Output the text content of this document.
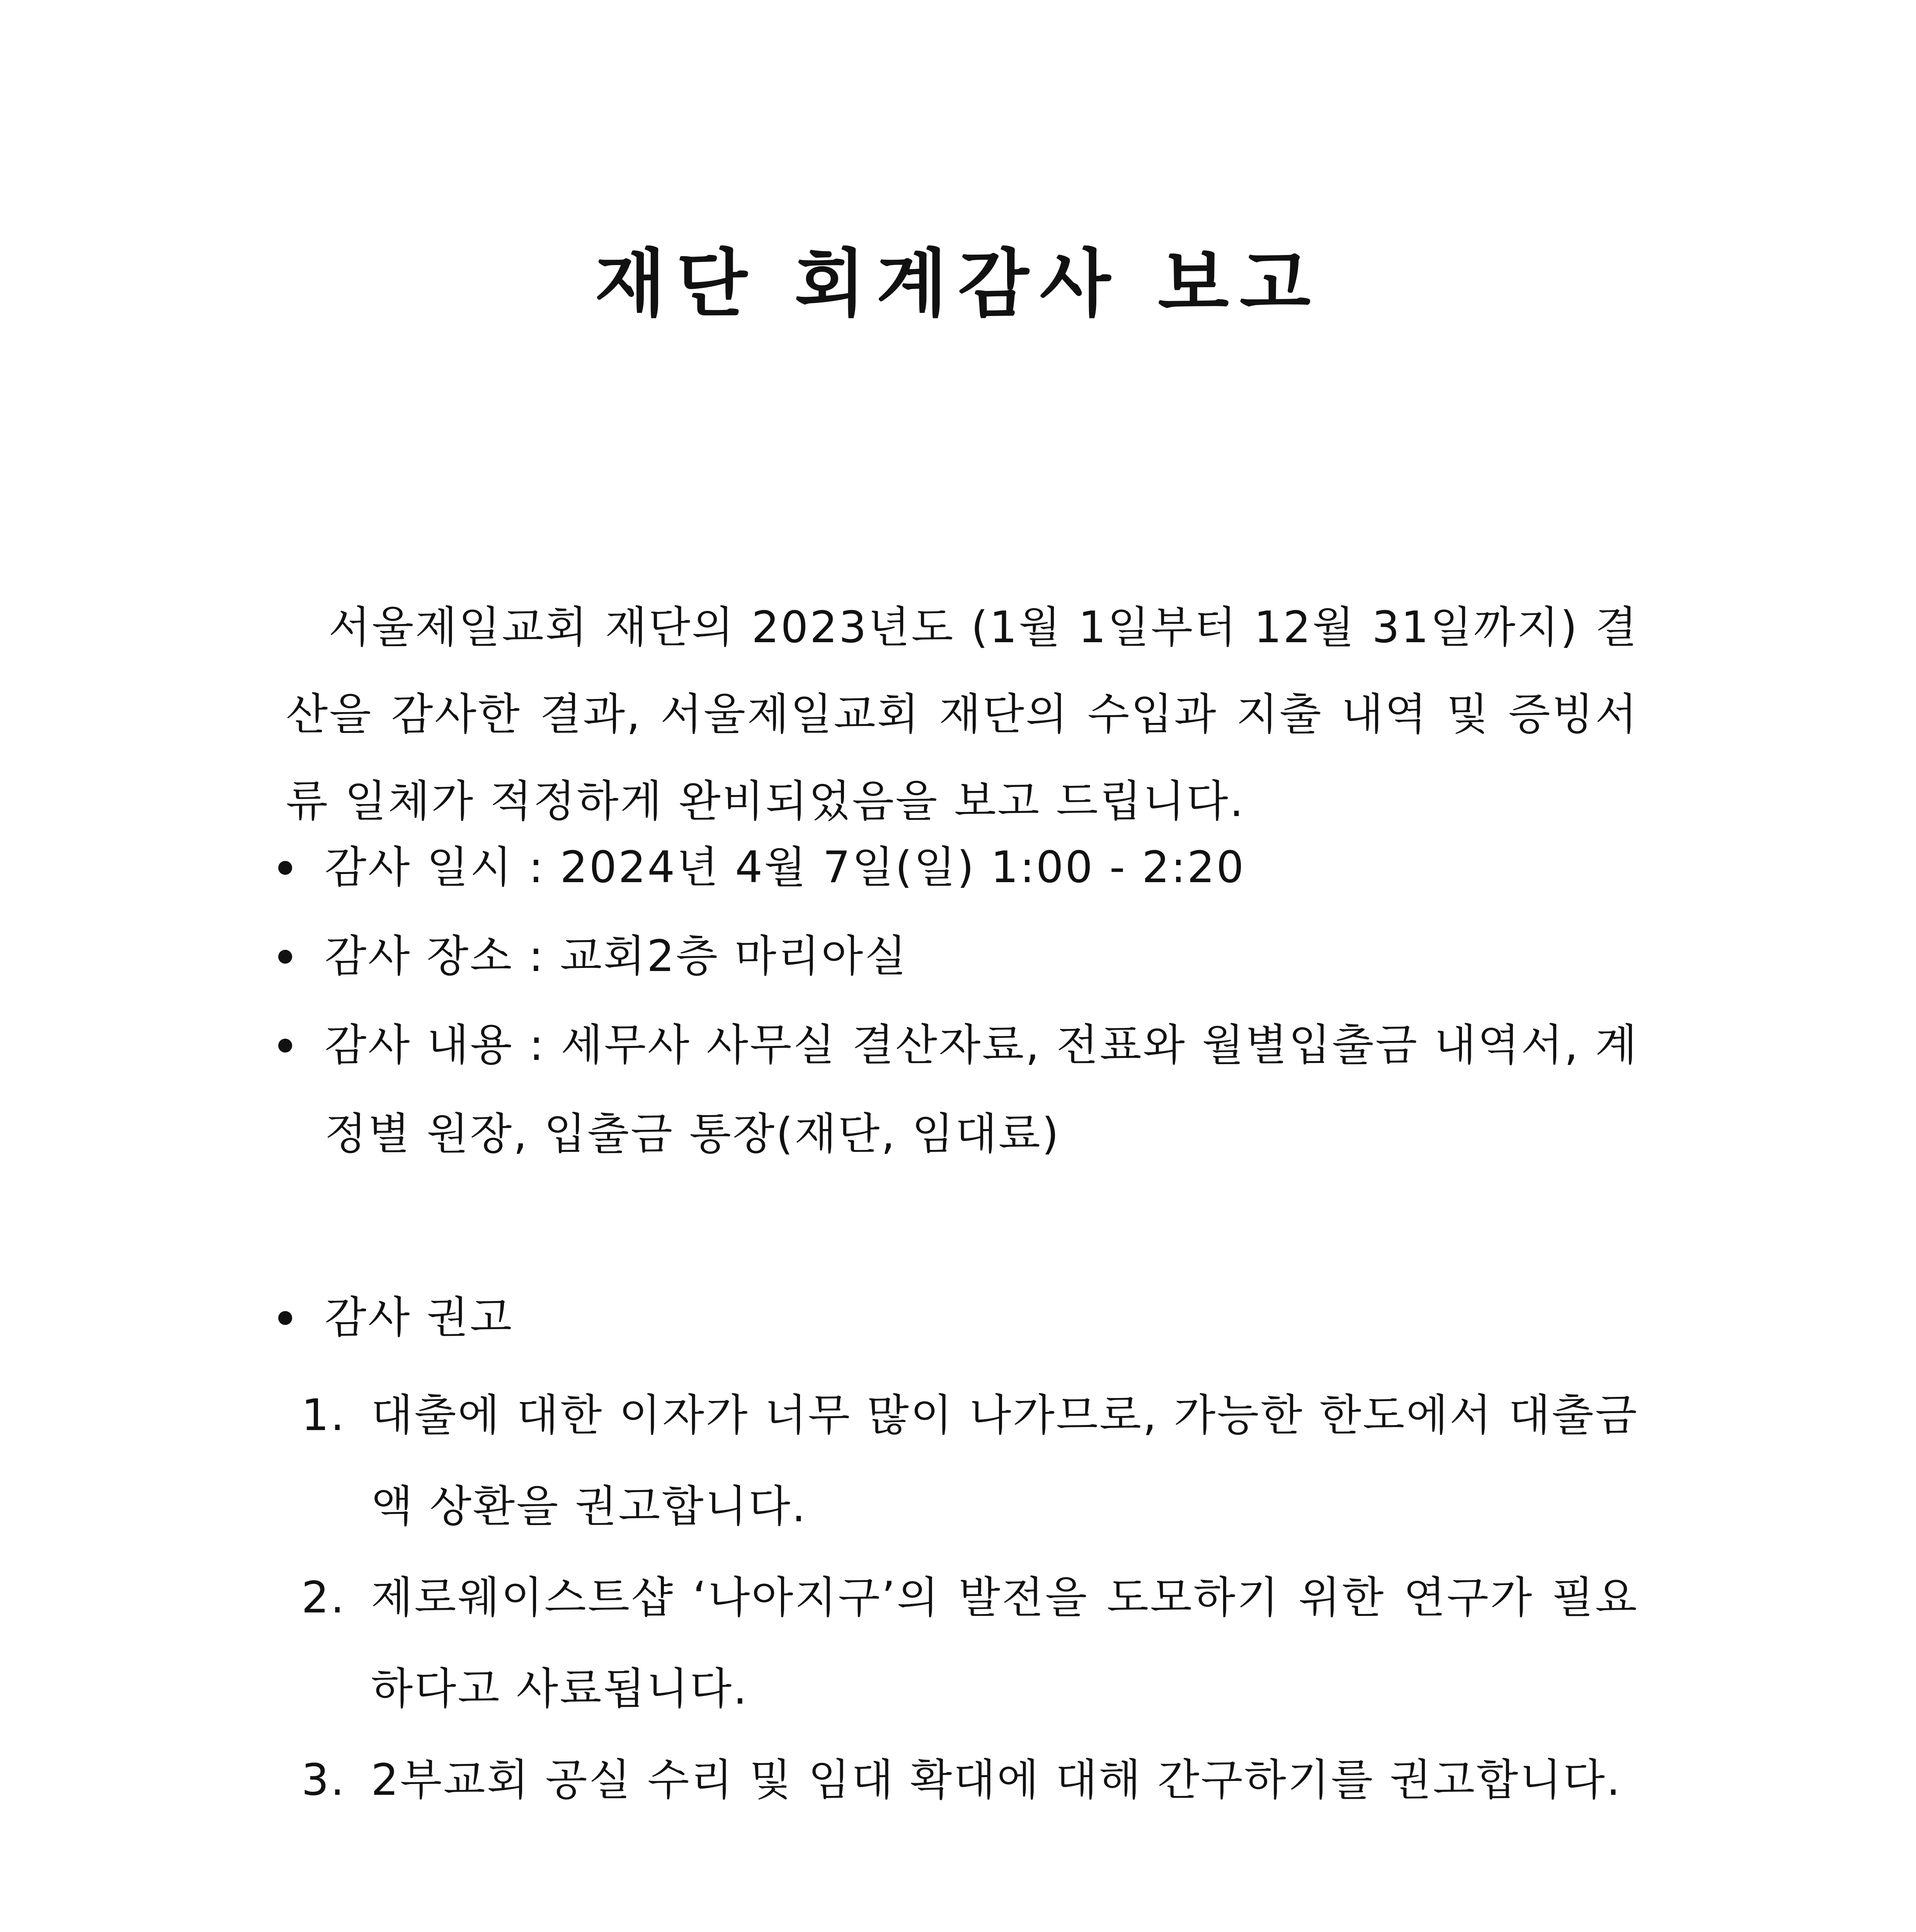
재단 회계감사 보고

서울제일교회 재단의 2023년도 (1월 1일부터 12월 31일까지) 결산을 감사한 결과, 서울제일교회 재단의 수입과 지출 내역 및 증빙서류 일체가 적정하게 완비되었음을 보고 드립니다.

감사 일시 : 2024년 4월 7일(일) 1:00 - 2:20
감사 장소 : 교회2층 마리아실
감사 내용 : 세무사 사무실 결산자료, 전표와 월별입출금 내역서, 계정별 원장, 입출금 통장(재단, 임대료)
감사 권고
1. 대출에 대한 이자가 너무 많이 나가므로, 가능한 한도에서 대출금액 상환을 권고합니다.
2. 제로웨이스트샵 ‘나아지구’의 발전을 도모하기 위한 연구가 필요하다고 사료됩니다.
3. 2부교회 공실 수리 및 임대 확대에 대해 간구하기를 권고합니다.
